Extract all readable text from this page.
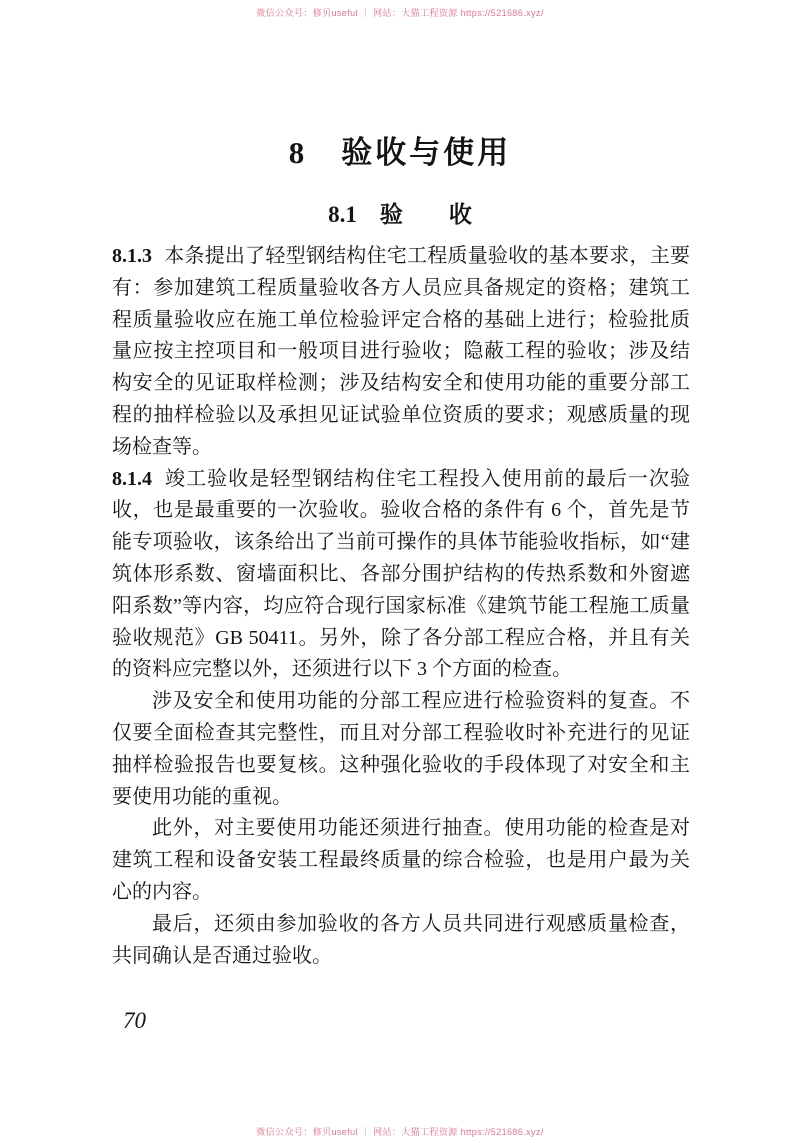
微信公众号：修贝useful ｜ 网站：大猫工程资源 https://521686.xyz/
8　验收与使用
8.1　验　　收

8.1.3 本条提出了轻型钢结构住宅工程质量验收的基本要求，主要有：参加建筑工程质量验收各方人员应具备规定的资格；建筑工程质量验收应在施工单位检验评定合格的基础上进行；检验批质量应按主控项目和一般项目进行验收；隐蔽工程的验收；涉及结构安全的见证取样检测；涉及结构安全和使用功能的重要分部工程的抽样检验以及承担见证试验单位资质的要求；观感质量的现场检查等。

8.1.4 竣工验收是轻型钢结构住宅工程投入使用前的最后一次验收，也是最重要的一次验收。验收合格的条件有 6 个，首先是节能专项验收，该条给出了当前可操作的具体节能验收指标，如“建筑体形系数、窗墙面积比、各部分围护结构的传热系数和外窗遮阳系数”等内容，均应符合现行国家标准《建筑节能工程施工质量验收规范》GB 50411。另外，除了各分部工程应合格，并且有关的资料应完整以外，还须进行以下 3 个方面的检查。

涉及安全和使用功能的分部工程应进行检验资料的复查。不仅要全面检查其完整性，而且对分部工程验收时补充进行的见证抽样检验报告也要复核。这种强化验收的手段体现了对安全和主要使用功能的重视。

此外，对主要使用功能还须进行抽查。使用功能的检查是对建筑工程和设备安装工程最终质量的综合检验，也是用户最为关心的内容。

最后，还须由参加验收的各方人员共同进行观感质量检查，共同确认是否通过验收。

70
微信公众号：修贝useful ｜ 网站：大猫工程资源 https://521686.xyz/
